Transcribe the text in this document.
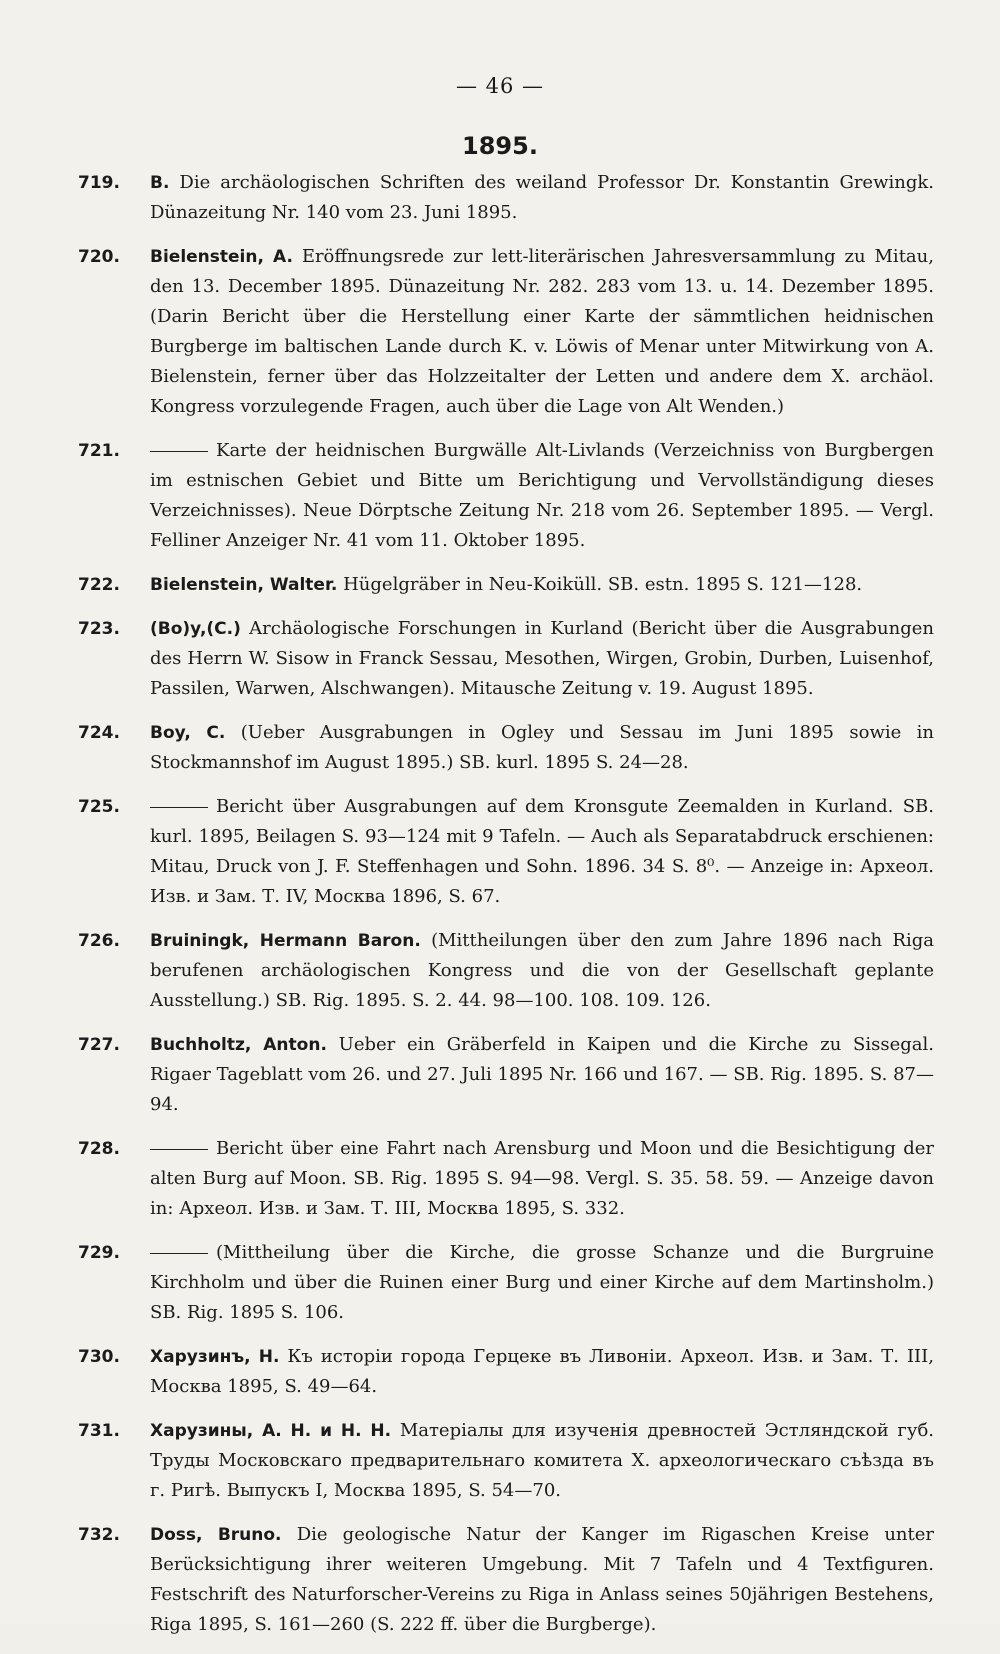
— 46 —
1895.
719.	B. Die archäologischen Schriften des weiland Professor Dr. Konstantin Grewingk. Dünazeitung Nr. 140 vom 23. Juni 1895.
720.	Bielenstein, A. Eröffnungsrede zur lett-literärischen Jahresversammlung zu Mitau, den 13. December 1895. Dünazeitung Nr. 282. 283 vom 13. u. 14. Dezember 1895. (Darin Bericht über die Herstellung einer Karte der sämmtlichen heidnischen Burgberge im baltischen Lande durch K. v. Löwis of Menar unter Mitwirkung von A. Bielenstein, ferner über das Holzzeitalter der Letten und andere dem X. archäol. Kongress vorzulegende Fragen, auch über die Lage von Alt Wenden.)
721.	Karte der heidnischen Burgwälle Alt-Livlands (Verzeichniss von Burgbergen im estnischen Gebiet und Bitte um Berichtigung und Vervollständigung dieses Verzeichnisses). Neue Dörptsche Zeitung Nr. 218 vom 26. September 1895. — Vergl. Felliner Anzeiger Nr. 41 vom 11. Oktober 1895.
722.	Bielenstein, Walter. Hügelgräber in Neu-Koiküll. SB. estn. 1895 S. 121—128.
723.	(Bo)y,(C.) Archäologische Forschungen in Kurland (Bericht über die Ausgrabungen des Herrn W. Sisow in Franck Sessau, Mesothen, Wirgen, Grobin, Durben, Luisenhof, Passilen, Warwen, Alschwangen). Mitausche Zeitung v. 19. August 1895.
724.	Boy, C. (Ueber Ausgrabungen in Ogley und Sessau im Juni 1895 sowie in Stockmannshof im August 1895.) SB. kurl. 1895 S. 24—28.
725.	Bericht über Ausgrabungen auf dem Kronsgute Zeemalden in Kurland. SB. kurl. 1895, Beilagen S. 93—124 mit 9 Tafeln. — Auch als Separatabdruck erschienen: Mitau, Druck von J. F. Steffenhagen und Sohn. 1896. 34 S. 8⁰. — Anzeige in: Археол. Изв. и Зам. Т. IV, Москва 1896, S. 67.
726.	Bruiningk, Hermann Baron. (Mittheilungen über den zum Jahre 1896 nach Riga berufenen archäologischen Kongress und die von der Gesellschaft geplante Ausstellung.) SB. Rig. 1895. S. 2. 44. 98—100. 108. 109. 126.
727.	Buchholtz, Anton. Ueber ein Gräberfeld in Kaipen und die Kirche zu Sissegal. Rigaer Tageblatt vom 26. und 27. Juli 1895 Nr. 166 und 167. — SB. Rig. 1895. S. 87—94.
728.	Bericht über eine Fahrt nach Arensburg und Moon und die Besichtigung der alten Burg auf Moon. SB. Rig. 1895 S. 94—98. Vergl. S. 35. 58. 59. — Anzeige davon in: Археол. Изв. и Зам. Т. III, Москва 1895, S. 332.
729.	(Mittheilung über die Kirche, die grosse Schanze und die Burgruine Kirchholm und über die Ruinen einer Burg und einer Kirche auf dem Martinsholm.) SB. Rig. 1895 S. 106.
730.	Харузинъ, Н. Къ исторіи города Герцеке въ Ливоніи. Археол. Изв. и Зам. Т. III, Москва 1895, S. 49—64.
731.	Харузины, А. Н. и Н. Н. Матеріалы для изученія древностей Эстляндской губ. Труды Московскаго предварительнаго комитета X. археологическаго съѣзда въ г. Ригѣ. Выпускъ I, Москва 1895, S. 54—70.
732.	Doss, Bruno. Die geologische Natur der Kanger im Rigaschen Kreise unter Berücksichtigung ihrer weiteren Umgebung. Mit 7 Tafeln und 4 Textfiguren. Festschrift des Naturforscher-Vereins zu Riga in Anlass seines 50jährigen Bestehens, Riga 1895, S. 161—260 (S. 222 ff. über die Burgberge).
